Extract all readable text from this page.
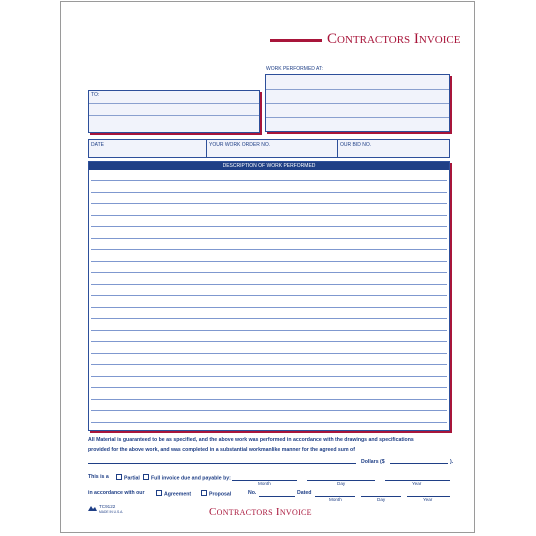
Contractors Invoice
WORK PERFORMED AT:
TO:
DATE	YOUR WORK ORDER NO.	OUR BID NO.
DESCRIPTION OF WORK PERFORMED
All Material is guaranteed to be as specified, and the above work was performed in accordance with the drawings and specifications
provided for the above work, and was completed in a substantial workmanlike manner for the agreed sum of
Dollars ($	).
This is a	Partial	Full invoice due and payable by:
Month	Day	Year
in accordance with our	Agreement	Proposal	No.	Dated
Month	Day	Year
TC9122
MADE IN U.S.A.	Contractors Invoice
